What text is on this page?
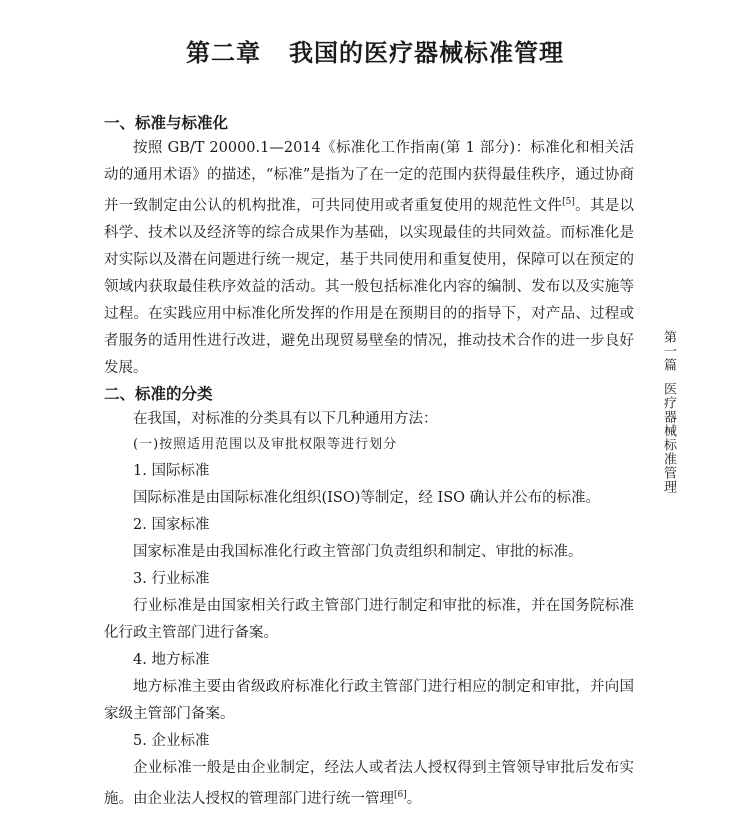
第二章 我国的医疗器械标准管理
一、标准与标准化

按照 GB/T 20000.1—2014《标准化工作指南(第 1 部分)：标准化和相关活动的通用术语》的描述，“标准”是指为了在一定的范围内获得最佳秩序，通过协商并一致制定由公认的机构批准，可共同使用或者重复使用的规范性文件[5]。其是以科学、技术以及经济等的综合成果作为基础，以实现最佳的共同效益。而标准化是对实际以及潜在问题进行统一规定，基于共同使用和重复使用，保障可以在预定的领域内获取最佳秩序效益的活动。其一般包括标准化内容的编制、发布以及实施等过程。在实践应用中标准化所发挥的作用是在预期目的的指导下，对产品、过程或者服务的适用性进行改进，避免出现贸易壁垒的情况，推动技术合作的进一步良好发展。

二、标准的分类
在我国，对标准的分类具有以下几种通用方法：
(一)按照适用范围以及审批权限等进行划分
1. 国际标准

国际标准是由国际标准化组织(ISO)等制定，经 ISO 确认并公布的标准。

2. 国家标准

国家标准是由我国标准化行政主管部门负责组织和制定、审批的标准。

3. 行业标准

行业标准是由国家相关行政主管部门进行制定和审批的标准，并在国务院标准化行政主管部门进行备案。

4. 地方标准

地方标准主要由省级政府标准化行政主管部门进行相应的制定和审批，并向国家级主管部门备案。

5. 企业标准

企业标准一般是由企业制定，经法人或者法人授权得到主管领导审批后发布实施。由企业法人授权的管理部门进行统一管理[6]。

第一篇医疗器械标准管理
